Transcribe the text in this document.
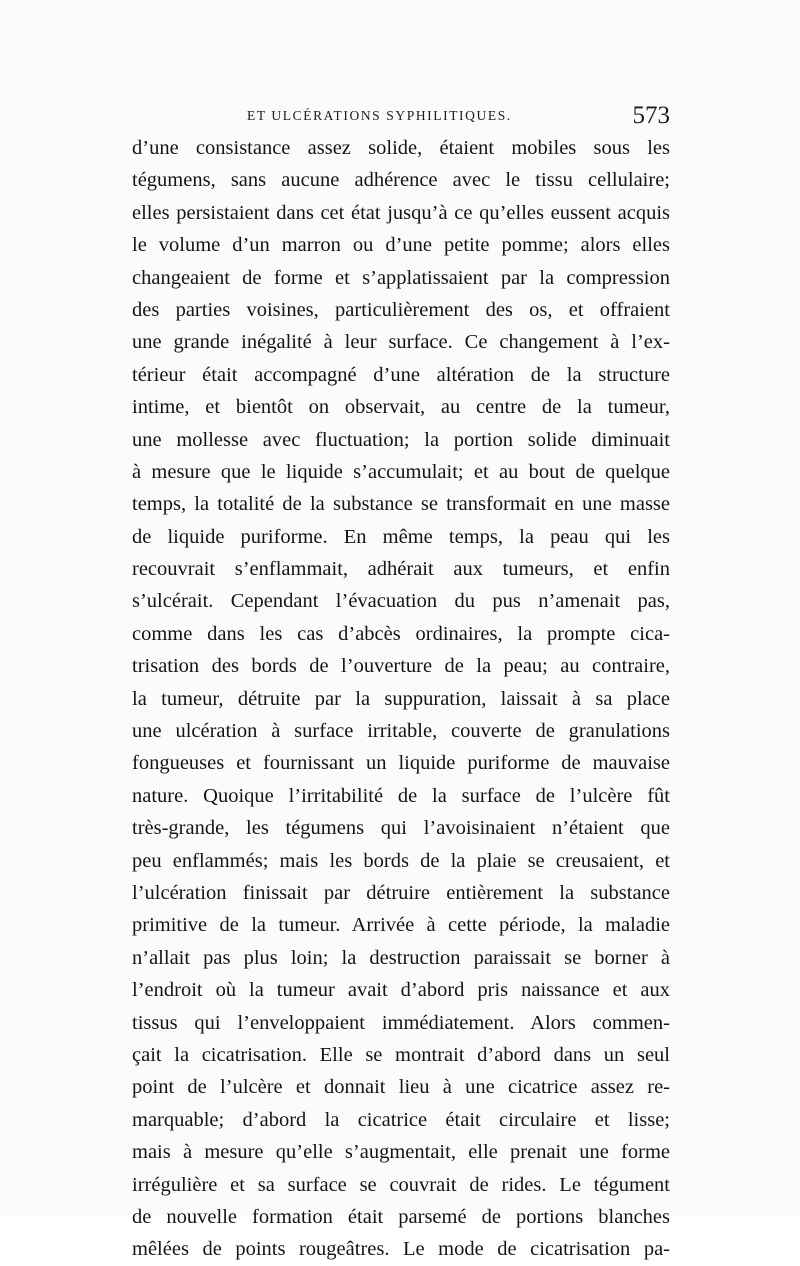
ET ULCÉRATIONS SYPHILITIQUES.	573
d’une consistance assez solide, étaient mobiles sous les
tégumens, sans aucune adhérence avec le tissu cellulaire;
elles persistaient dans cet état jusqu’à ce qu’elles eussent acquis
le volume d’un marron ou d’une petite pomme; alors elles
changeaient de forme et s’applatissaient par la compression
des parties voisines, particulièrement des os, et offraient
une grande inégalité à leur surface. Ce changement à l’ex-
térieur était accompagné d’une altération de la structure
intime, et bientôt on observait, au centre de la tumeur,
une mollesse avec fluctuation; la portion solide diminuait
à mesure que le liquide s’accumulait; et au bout de quelque
temps, la totalité de la substance se transformait en une masse
de liquide puriforme. En même temps, la peau qui les
recouvrait s’enflammait, adhérait aux tumeurs, et enfin
s’ulcérait. Cependant l’évacuation du pus n’amenait pas,
comme dans les cas d’abcès ordinaires, la prompte cica-
trisation des bords de l’ouverture de la peau; au contraire,
la tumeur, détruite par la suppuration, laissait à sa place
une ulcération à surface irritable, couverte de granulations
fongueuses et fournissant un liquide puriforme de mauvaise
nature. Quoique l’irritabilité de la surface de l’ulcère fût
très-grande, les tégumens qui l’avoisinaient n’étaient que
peu enflammés; mais les bords de la plaie se creusaient, et
l’ulcération finissait par détruire entièrement la substance
primitive de la tumeur. Arrivée à cette période, la maladie
n’allait pas plus loin; la destruction paraissait se borner à
l’endroit où la tumeur avait d’abord pris naissance et aux
tissus qui l’enveloppaient immédiatement. Alors commen-
çait la cicatrisation. Elle se montrait d’abord dans un seul
point de l’ulcère et donnait lieu à une cicatrice assez re-
marquable; d’abord la cicatrice était circulaire et lisse;
mais à mesure qu’elle s’augmentait, elle prenait une forme
irrégulière et sa surface se couvrait de rides. Le tégument
de nouvelle formation était parsemé de portions blanches
mêlées de points rougeâtres. Le mode de cicatrisation pa-
